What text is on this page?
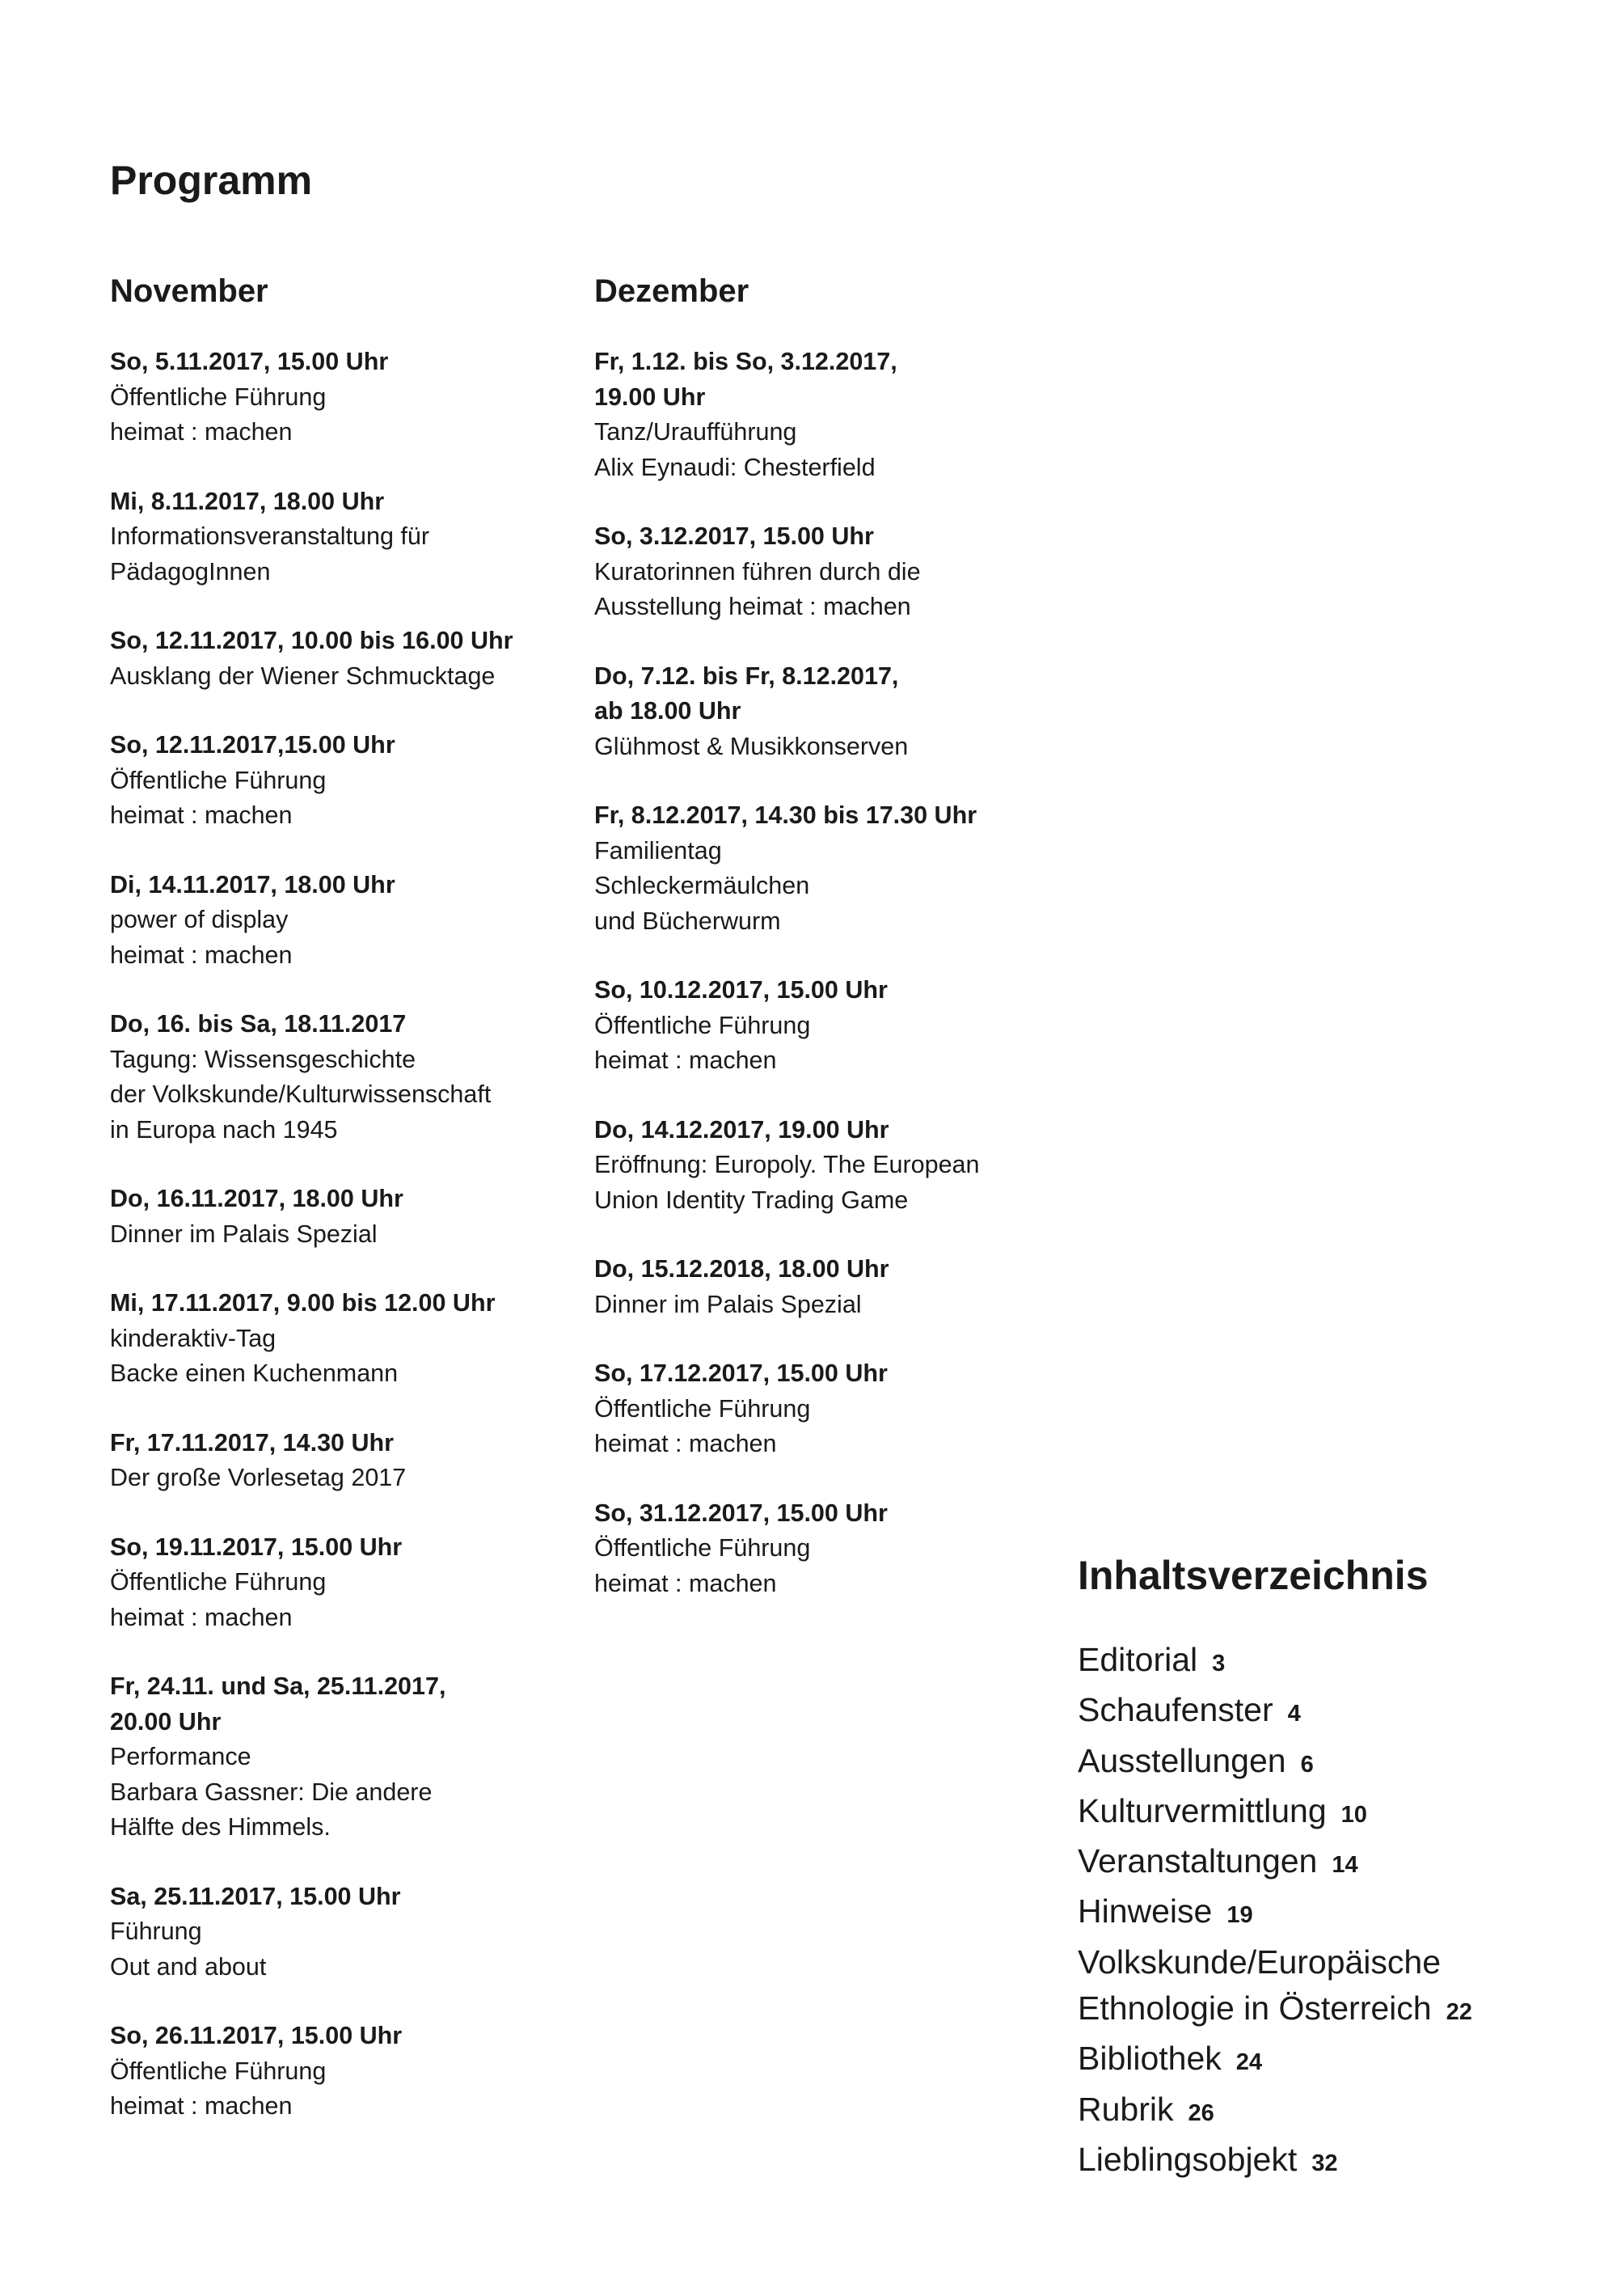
Programm
November
So, 5.11.2017, 15.00 Uhr
Öffentliche Führung
heimat : machen
Mi, 8.11.2017, 18.00 Uhr
Informationsveranstaltung für
PädagogInnen
So, 12.11.2017, 10.00 bis 16.00 Uhr
Ausklang der Wiener Schmucktage
So, 12.11.2017,15.00 Uhr
Öffentliche Führung
heimat : machen
Di, 14.11.2017, 18.00 Uhr
power of display
heimat : machen
Do, 16. bis Sa, 18.11.2017
Tagung: Wissensgeschichte
der Volkskunde/Kulturwissenschaft
in Europa nach 1945
Do, 16.11.2017, 18.00 Uhr
Dinner im Palais Spezial
Mi, 17.11.2017, 9.00 bis 12.00 Uhr
kinderaktiv-Tag
Backe einen Kuchenmann
Fr, 17.11.2017, 14.30 Uhr
Der große Vorlesetag 2017
So, 19.11.2017, 15.00 Uhr
Öffentliche Führung
heimat : machen
Fr, 24.11. und Sa, 25.11.2017,
20.00 Uhr
Performance
Barbara Gassner: Die andere
Hälfte des Himmels.
Sa, 25.11.2017, 15.00 Uhr
Führung
Out and about
So, 26.11.2017, 15.00 Uhr
Öffentliche Führung
heimat : machen
Dezember
Fr, 1.12. bis So, 3.12.2017,
19.00 Uhr
Tanz/Uraufführung
Alix Eynaudi: Chesterfield
So, 3.12.2017, 15.00 Uhr
Kuratorinnen führen durch die
Ausstellung heimat : machen
Do, 7.12. bis Fr, 8.12.2017,
ab 18.00 Uhr
Glühmost & Musikkonserven
Fr, 8.12.2017, 14.30 bis 17.30 Uhr
Familientag
Schleckermäulchen
und Bücherwurm
So, 10.12.2017, 15.00 Uhr
Öffentliche Führung
heimat : machen
Do, 14.12.2017, 19.00 Uhr
Eröffnung: Europoly. The European
Union Identity Trading Game
Do, 15.12.2018, 18.00 Uhr
Dinner im Palais Spezial
So, 17.12.2017, 15.00 Uhr
Öffentliche Führung
heimat : machen
So, 31.12.2017, 15.00 Uhr
Öffentliche Führung
heimat : machen	Inhaltsverzeichnis
Editorial 3
Schaufenster 4
Ausstellungen 6
Kulturvermittlung 10
Veranstaltungen 14
Hinweise 19
Volkskunde/Europäische
Ethnologie in Österreich 22
Bibliothek 24
Rubrik 26
Lieblingsobjekt 32
